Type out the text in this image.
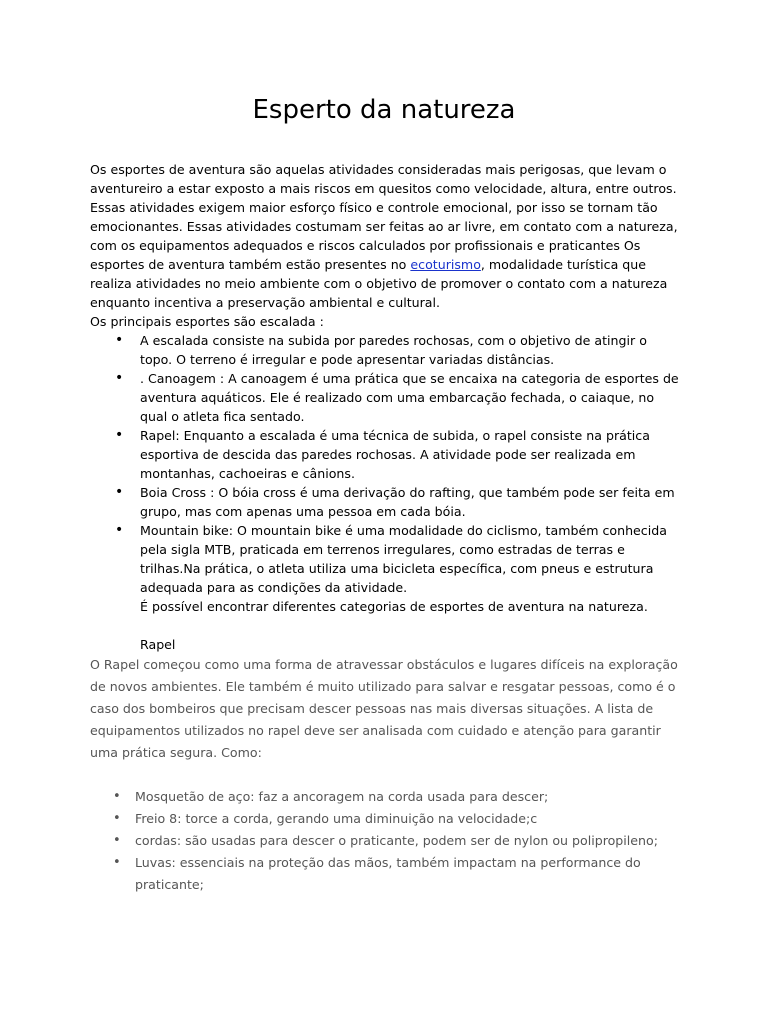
Esperto da natureza

Os esportes de aventura são aquelas atividades consideradas mais perigosas, que levam o aventureiro a estar exposto a mais riscos em quesitos como velocidade, altura, entre outros. Essas atividades exigem maior esforço físico e controle emocional, por isso se tornam tão emocionantes. Essas atividades costumam ser feitas ao ar livre, em contato com a natureza, com os equipamentos adequados e riscos calculados por profissionais e praticantes Os esportes de aventura também estão presentes no ecoturismo, modalidade turística que realiza atividades no meio ambiente com o objetivo de promover o contato com a natureza enquanto incentiva a preservação ambiental e cultural.

Os principais esportes são escalada :

• A escalada consiste na subida por paredes rochosas, com o objetivo de atingir o topo. O terreno é irregular e pode apresentar variadas distâncias.
• . Canoagem : A canoagem é uma prática que se encaixa na categoria de esportes de aventura aquáticos. Ele é realizado com uma embarcação fechada, o caiaque, no qual o atleta fica sentado.
• Rapel: Enquanto a escalada é uma técnica de subida, o rapel consiste na prática esportiva de descida das paredes rochosas. A atividade pode ser realizada em montanhas, cachoeiras e cânions.
• Boia Cross : O bóia cross é uma derivação do rafting, que também pode ser feita em grupo, mas com apenas uma pessoa em cada bóia.
• Mountain bike: O mountain bike é uma modalidade do ciclismo, também conhecida pela sigla MTB, praticada em terrenos irregulares, como estradas de terras e trilhas.Na prática, o atleta utiliza uma bicicleta específica, com pneus e estrutura adequada para as condições da atividade.

É possível encontrar diferentes categorias de esportes de aventura na natureza.

Rapel

O Rapel começou como uma forma de atravessar obstáculos e lugares difíceis na exploração de novos ambientes. Ele também é muito utilizado para salvar e resgatar pessoas, como é o caso dos bombeiros que precisam descer pessoas nas mais diversas situações. A lista de equipamentos utilizados no rapel deve ser analisada com cuidado e atenção para garantir uma prática segura. Como:

• Mosquetão de aço: faz a ancoragem na corda usada para descer;
• Freio 8: torce a corda, gerando uma diminuição na velocidade;c
• cordas: são usadas para descer o praticante, podem ser de nylon ou polipropileno;
• Luvas: essenciais na proteção das mãos, também impactam na performance do praticante;
